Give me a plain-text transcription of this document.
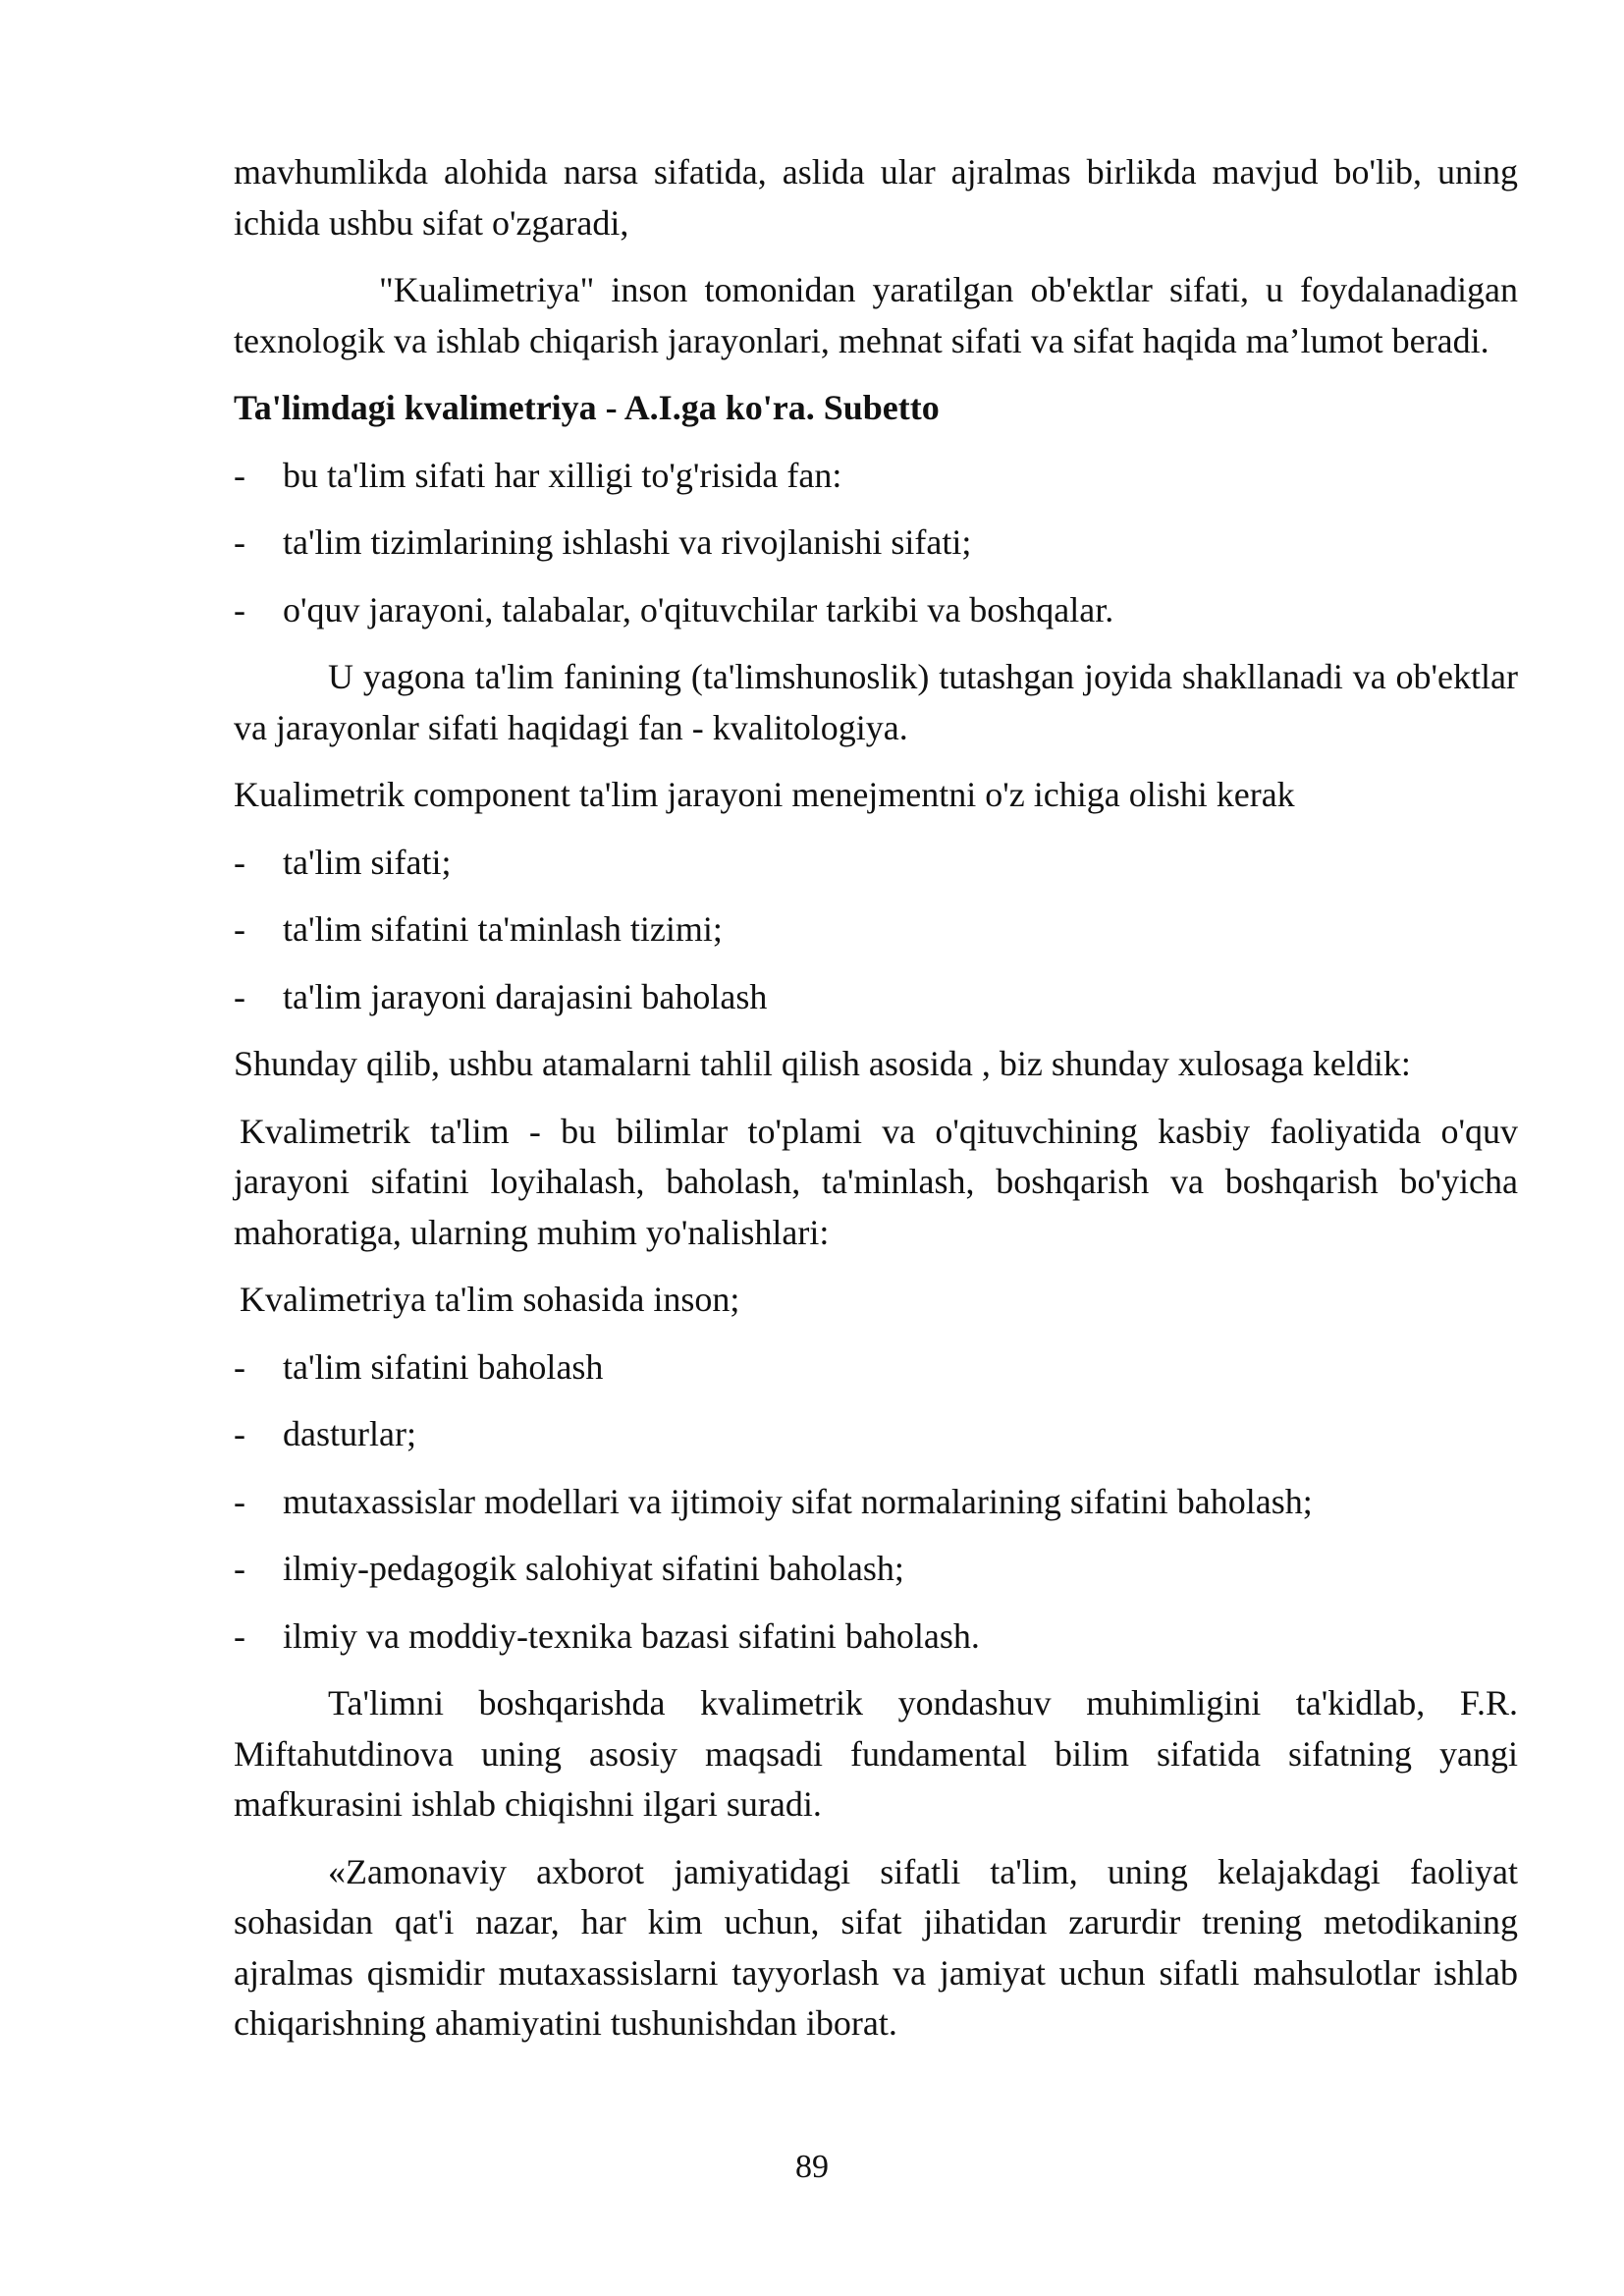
mavhumlikda alohida narsa sifatida, aslida ular ajralmas birlikda mavjud bo'lib, uning ichida ushbu sifat o'zgaradi,

"Kualimetriya" inson tomonidan yaratilgan ob'ektlar sifati, u foydalanadigan texnologik va ishlab chiqarish jarayonlari, mehnat sifati va sifat haqida ma’lumot beradi.

Ta'limdagi kvalimetriya - A.I.ga ko'ra. Subetto

-	bu ta'lim sifati har xilligi to'g'risida fan:
-	ta'lim tizimlarining ishlashi va rivojlanishi sifati;
-	o'quv jarayoni, talabalar, o'qituvchilar tarkibi va boshqalar.

U yagona ta'lim fanining (ta'limshunoslik) tutashgan joyida shakllanadi va ob'ektlar va jarayonlar sifati haqidagi fan - kvalitologiya.

Kualimetrik component ta'lim jarayoni menejmentni o'z ichiga olishi kerak

-	ta'lim sifati;
-	ta'lim sifatini ta'minlash tizimi;
-	ta'lim jarayoni darajasini baholash

Shunday qilib, ushbu atamalarni tahlil qilish asosida , biz shunday xulosaga keldik:

Kvalimetrik ta'lim - bu bilimlar to'plami va o'qituvchining kasbiy faoliyatida o'quv jarayoni sifatini loyihalash, baholash, ta'minlash, boshqarish va boshqarish bo'yicha mahoratiga, ularning muhim yo'nalishlari:

Kvalimetriya ta'lim sohasida inson;

-	ta'lim sifatini baholash
-	dasturlar;
-	mutaxassislar modellari va ijtimoiy sifat normalarining sifatini baholash;
-	ilmiy-pedagogik salohiyat sifatini baholash;
-	ilmiy va moddiy-texnika bazasi sifatini baholash.

Ta'limni boshqarishda kvalimetrik yondashuv muhimligini ta'kidlab, F.R. Miftahutdinova uning asosiy maqsadi fundamental bilim sifatida sifatning yangi mafkurasini ishlab chiqishni ilgari suradi.

«Zamonaviy axborot jamiyatidagi sifatli ta'lim, uning kelajakdagi faoliyat sohasidan qat'i nazar, har kim uchun, sifat jihatidan zarurdir trening metodikaning ajralmas qismidir mutaxassislarni tayyorlash va jamiyat uchun sifatli mahsulotlar ishlab chiqarishning ahamiyatini tushunishdan iborat.

89
